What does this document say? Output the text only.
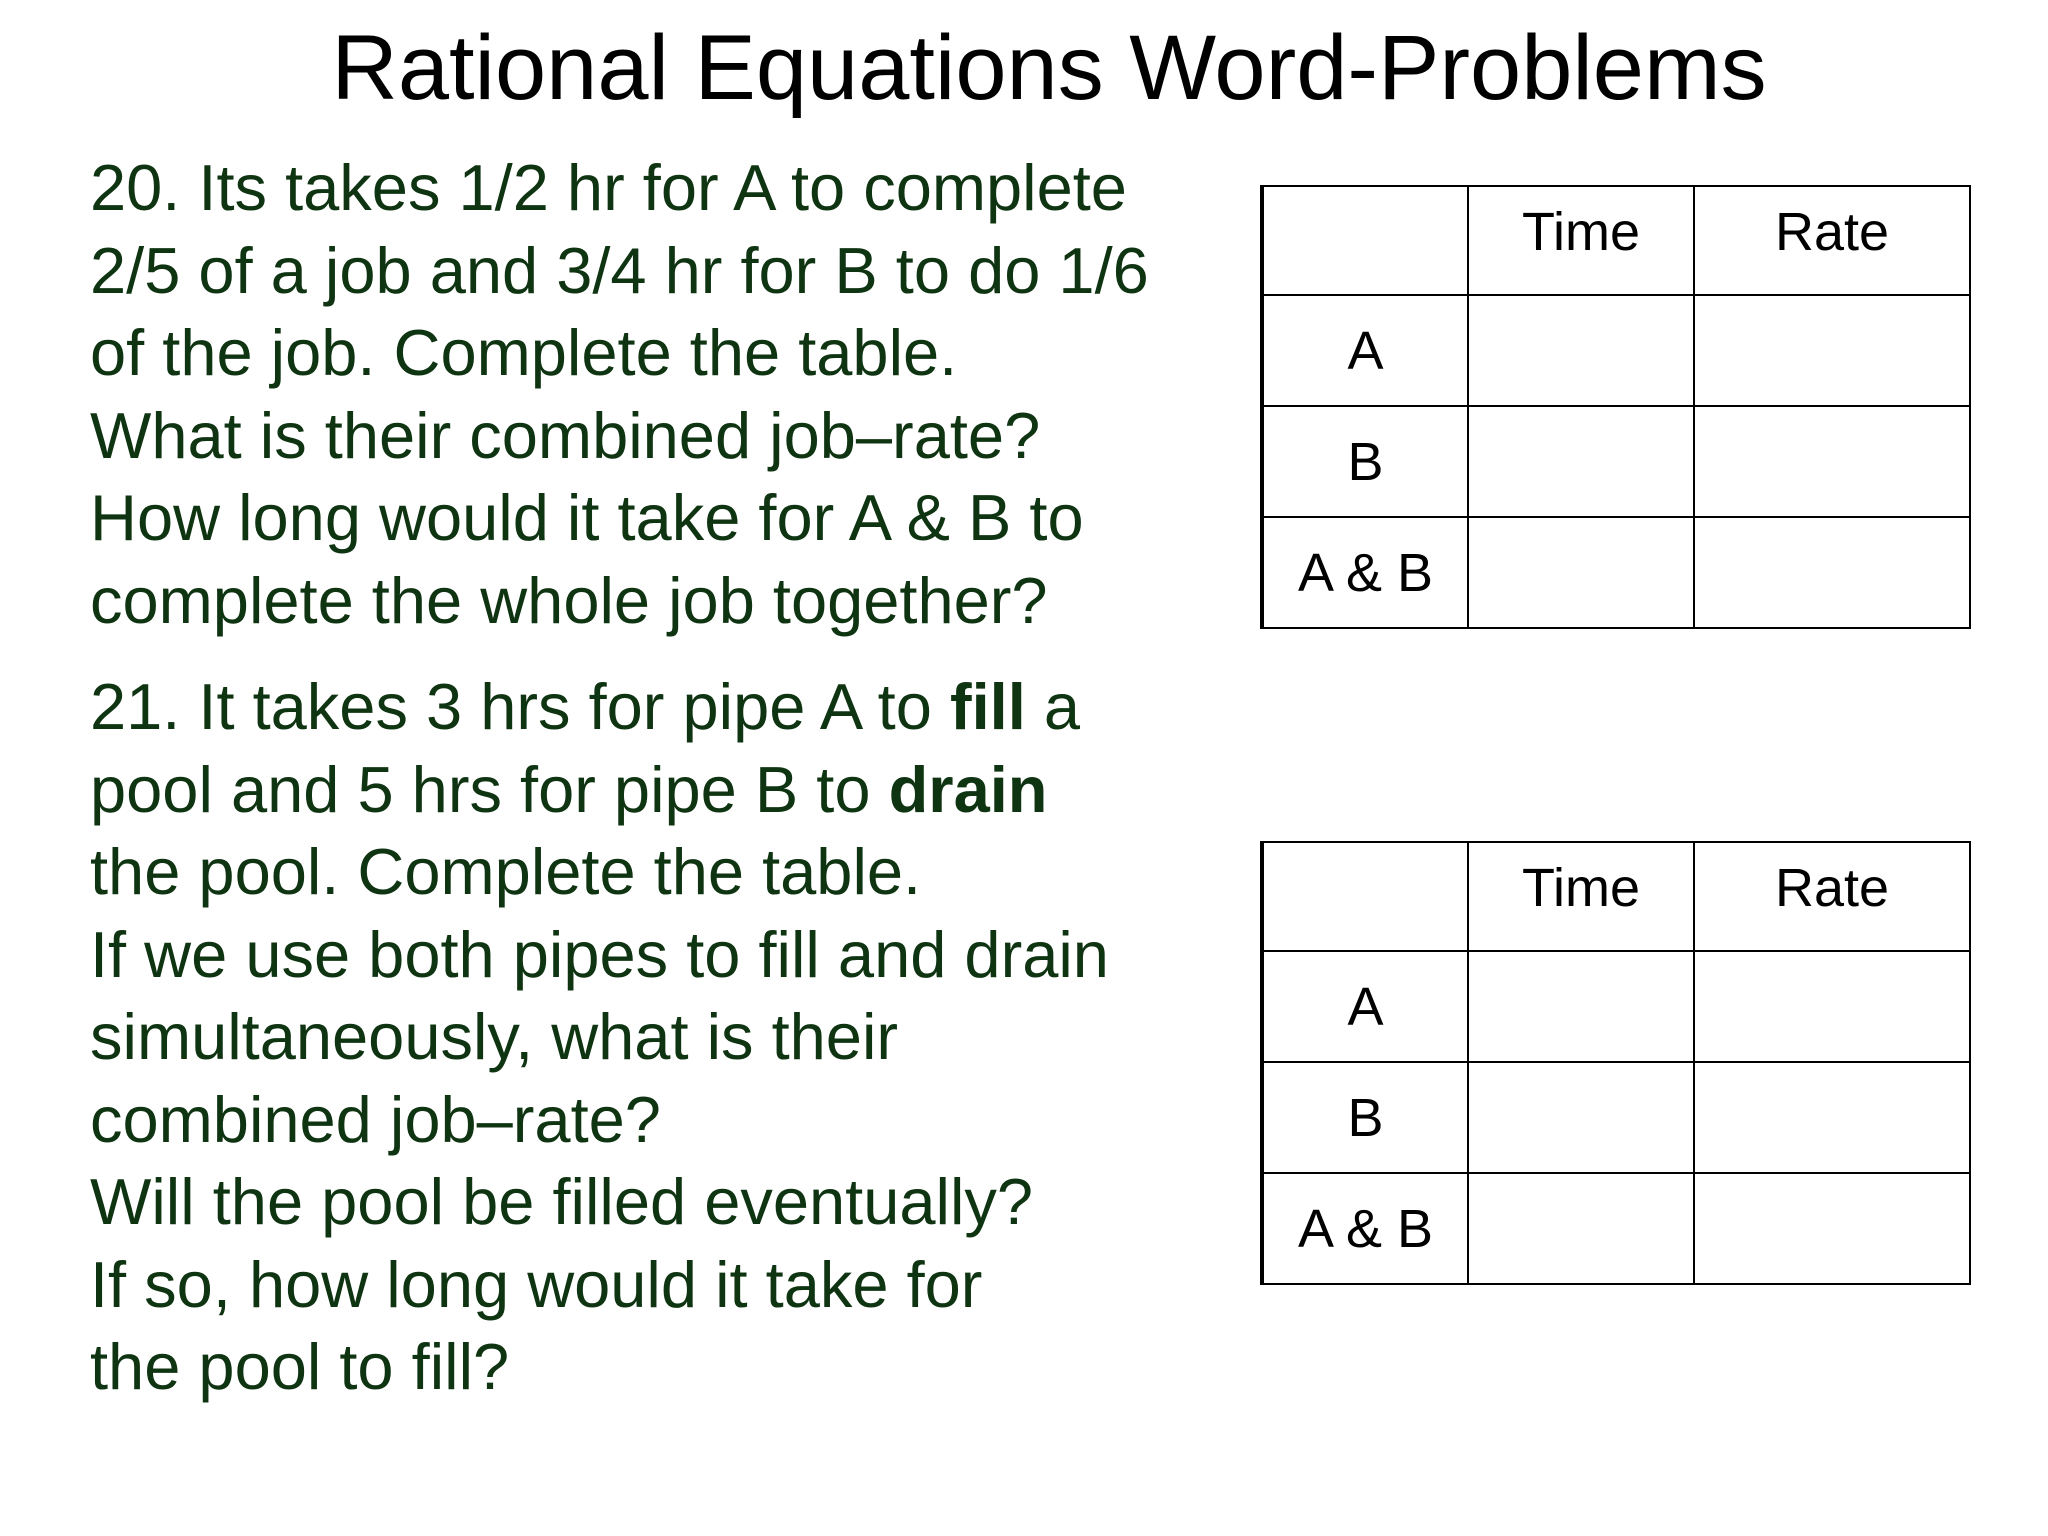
Rational Equations Word-Problems
20. Its takes 1/2 hr for A to complete
2/5 of a job and 3/4 hr for B to do 1/6
of the job. Complete the table.
What is their combined job–rate?
How long would it take for A & B to
complete the whole job together?
	Time	Rate
A		
B		
A & B		
21. It takes 3 hrs for pipe A to fill a
pool and 5 hrs for pipe B to drain
the pool. Complete the table.
If we use both pipes to fill and drain
simultaneously, what is their
combined job–rate?
Will the pool be filled eventually?
If so, how long would it take for
the pool to fill?
	Time	Rate
A		
B		
A & B		
